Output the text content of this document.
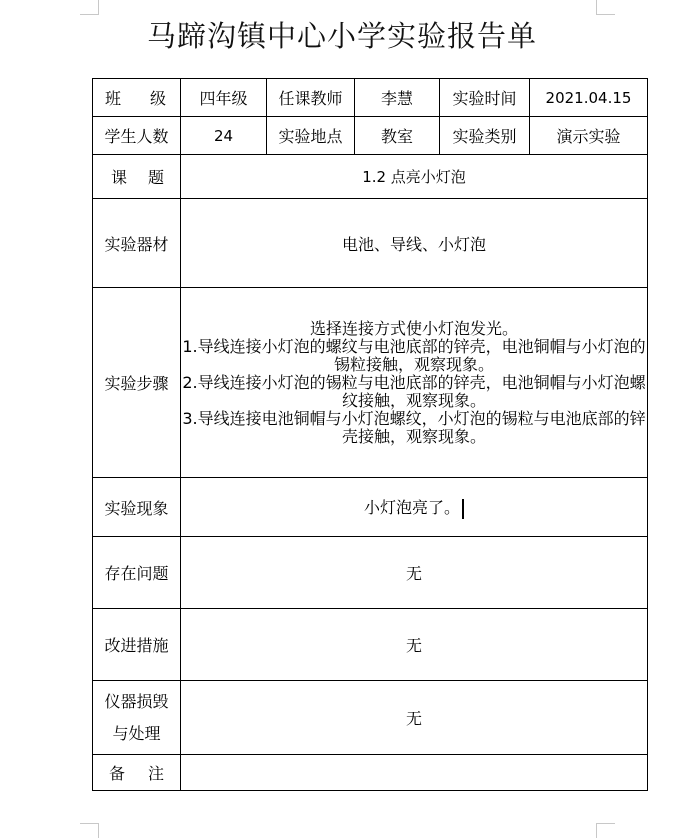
马蹄沟镇中心小学实验报告单
班 级	四年级	任课教师	李慧	实验时间	2021.04.15
学生人数	24	实验地点	教室	实验类别	演示实验

课 题	1.2 点亮小灯泡				
实验器材	电池、导线、小灯泡				
实验步骤	选择连接方式使小灯泡发光。
1.导线连接小灯泡的螺纹与电池底部的锌壳，电池铜帽与小灯泡的锡粒接触，观察现象。
2.导线连接小灯泡的锡粒与电池底部的锌壳，电池铜帽与小灯泡螺纹接触，观察现象。
3.导线连接电池铜帽与小灯泡螺纹，小灯泡的锡粒与电池底部的锌壳接触，观察现象。				

实验现象	小灯泡亮了。				
存在问题	无				
改进措施	无				

仪器损毁
与处理	无				

备 注					
